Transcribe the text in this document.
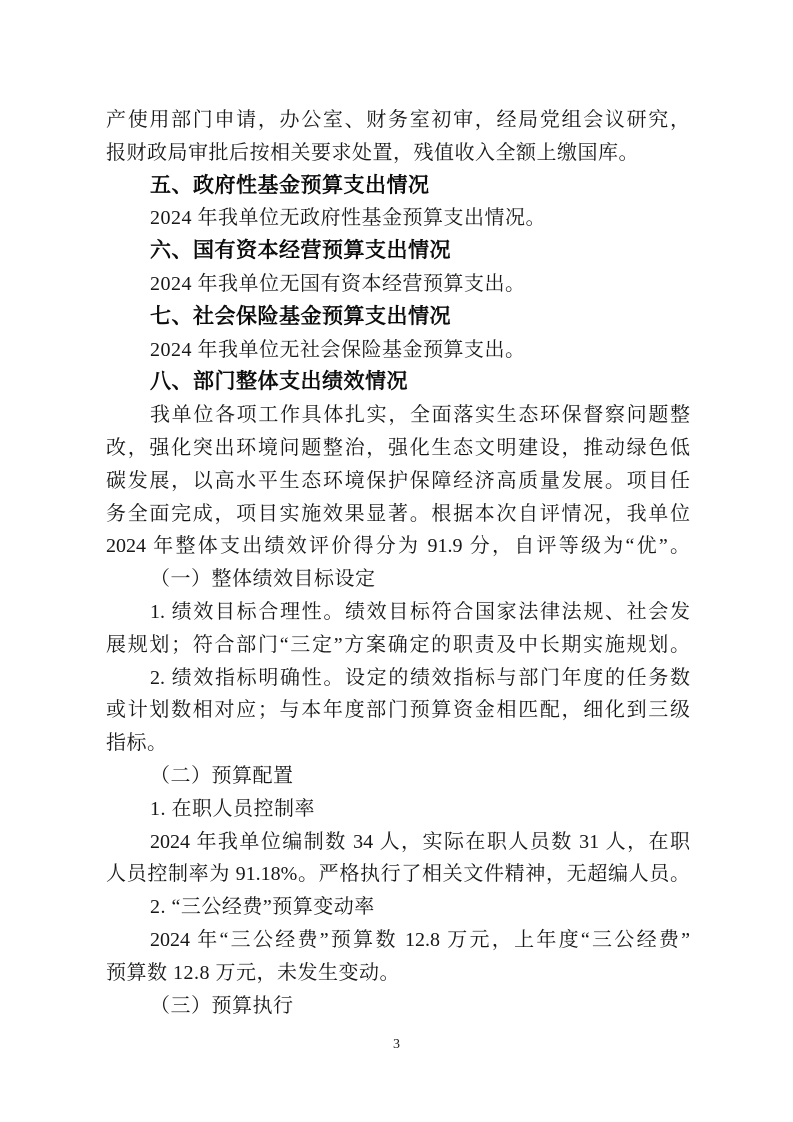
产使用部门申请，办公室、财务室初审，经局党组会议研究，
报财政局审批后按相关要求处置，残值收入全额上缴国库。
五、政府性基金预算支出情况
2024 年我单位无政府性基金预算支出情况。
六、国有资本经营预算支出情况
2024 年我单位无国有资本经营预算支出。
七、社会保险基金预算支出情况
2024 年我单位无社会保险基金预算支出。
八、部门整体支出绩效情况
我单位各项工作具体扎实，全面落实生态环保督察问题整
改，强化突出环境问题整治，强化生态文明建设，推动绿色低
碳发展，以高水平生态环境保护保障经济高质量发展。项目任
务全面完成，项目实施效果显著。根据本次自评情况，我单位
2024 年整体支出绩效评价得分为 91.9 分，自评等级为“优”。
（一）整体绩效目标设定
1. 绩效目标合理性。绩效目标符合国家法律法规、社会发
展规划；符合部门“三定”方案确定的职责及中长期实施规划。
2. 绩效指标明确性。设定的绩效指标与部门年度的任务数
或计划数相对应；与本年度部门预算资金相匹配，细化到三级
指标。
（二）预算配置
1. 在职人员控制率
2024 年我单位编制数 34 人，实际在职人员数 31 人，在职
人员控制率为 91.18%。严格执行了相关文件精神，无超编人员。
2. “三公经费”预算变动率
2024 年“三公经费”预算数 12.8 万元，上年度“三公经费”
预算数 12.8 万元，未发生变动。
（三）预算执行
3
